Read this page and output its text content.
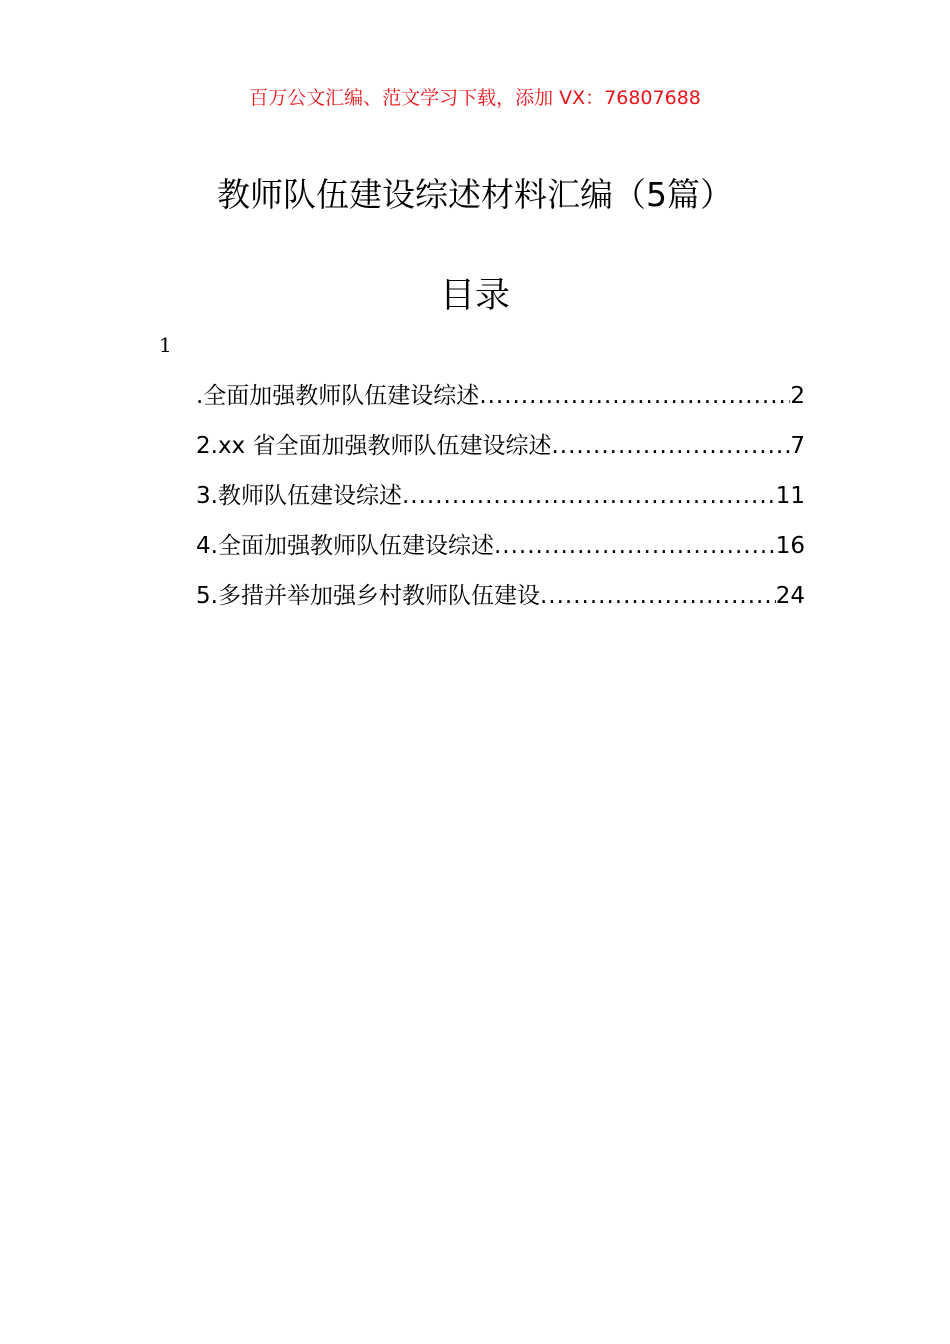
百万公文汇编、范文学习下载，添加 VX：76807688
教师队伍建设综述材料汇编（5篇）
目录
1
.全面加强教师队伍建设综述 .....	2
2.xx 省全面加强教师队伍建设综述 .....	7
3.教师队伍建设综述 .....	11
4.全面加强教师队伍建设综述 .....	16
5.多措并举加强乡村教师队伍建设 .....	24
